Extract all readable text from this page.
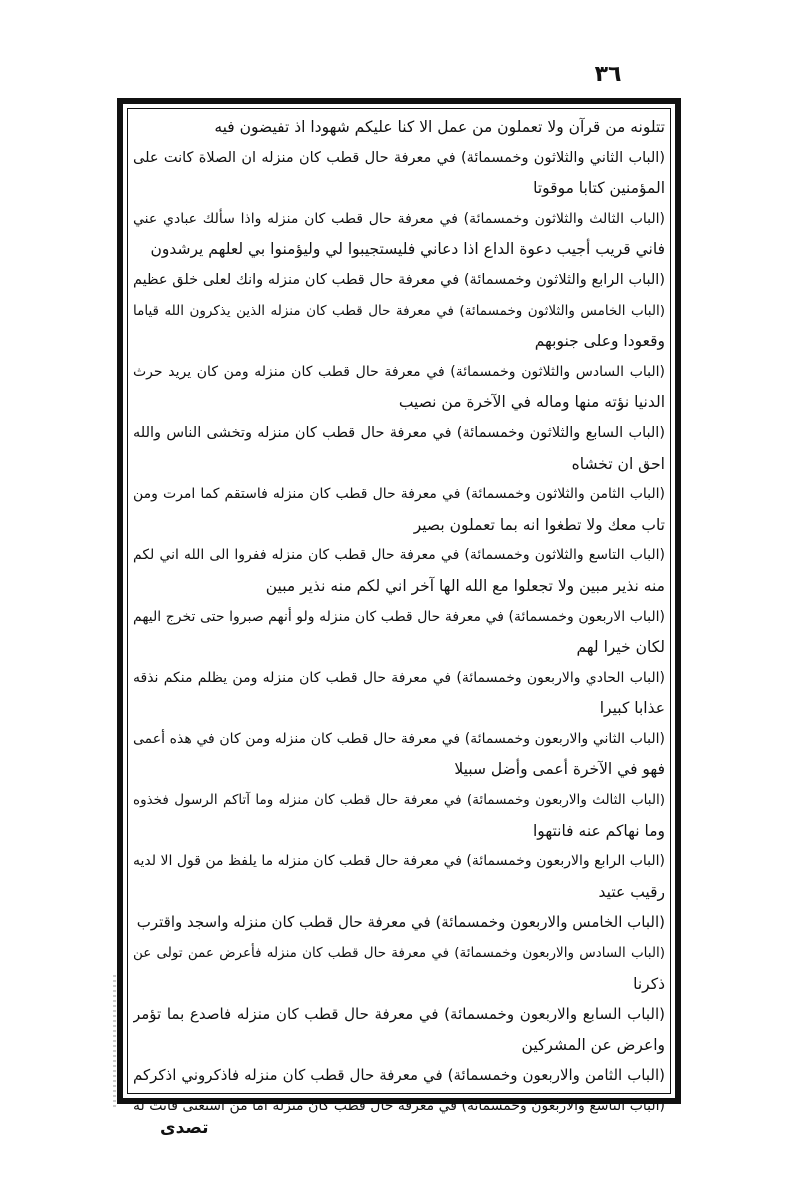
٣٦
تتلونه من قرآن ولا تعملون من عمل الا كنا عليكم شهودا اذ تفيضون فيه
(الباب الثاني والثلاثون وخمسمائة) في معرفة حال قطب كان منزله ان الصلاة كانت على
المؤمنين كتابا موقوتا
(الباب الثالث والثلاثون وخمسمائة) في معرفة حال قطب كان منزله واذا سألك عبادي عني
فاني قريب أجيب دعوة الداع اذا دعاني فليستجيبوا لي وليؤمنوا بي لعلهم يرشدون
(الباب الرابع والثلاثون وخمسمائة) في معرفة حال قطب كان منزله وانك لعلى خلق عظيم
(الباب الخامس والثلاثون وخمسمائة) في معرفة حال قطب كان منزله الذين يذكرون الله قياما
وقعودا وعلى جنوبهم
(الباب السادس والثلاثون وخمسمائة) في معرفة حال قطب كان منزله ومن كان يريد حرث
الدنيا نؤته منها وماله في الآخرة من نصيب
(الباب السابع والثلاثون وخمسمائة) في معرفة حال قطب كان منزله وتخشى الناس والله
احق ان تخشاه
(الباب الثامن والثلاثون وخمسمائة) في معرفة حال قطب كان منزله فاستقم كما امرت ومن
تاب معك ولا تطغوا انه بما تعملون بصير
(الباب التاسع والثلاثون وخمسمائة) في معرفة حال قطب كان منزله ففروا الى الله اني لكم
منه نذير مبين ولا تجعلوا مع الله الها آخر اني لكم منه نذير مبين
(الباب الاربعون وخمسمائة) في معرفة حال قطب كان منزله ولو أنهم صبروا حتى تخرج اليهم
لكان خيرا لهم
(الباب الحادي والاربعون وخمسمائة) في معرفة حال قطب كان منزله ومن يظلم منكم نذقه
عذابا كبيرا
(الباب الثاني والاربعون وخمسمائة) في معرفة حال قطب كان منزله ومن كان في هذه أعمى
فهو في الآخرة أعمى وأضل سبيلا
(الباب الثالث والاربعون وخمسمائة) في معرفة حال قطب كان منزله وما آتاكم الرسول فخذوه
وما نهاكم عنه فانتهوا
(الباب الرابع والاربعون وخمسمائة) في معرفة حال قطب كان منزله ما يلفظ من قول الا لديه
رقيب عتيد
(الباب الخامس والاربعون وخمسمائة) في معرفة حال قطب كان منزله واسجد واقترب
(الباب السادس والاربعون وخمسمائة) في معرفة حال قطب كان منزله فأعرض عمن تولى عن
ذكرنا
(الباب السابع والاربعون وخمسمائة) في معرفة حال قطب كان منزله فاصدع بما تؤمر
واعرض عن المشركين
(الباب الثامن والاربعون وخمسمائة) في معرفة حال قطب كان منزله فاذكروني اذكركم
(الباب التاسع والاربعون وخمسمائة) في معرفة حال قطب كان منزله اما من استغنى فانت له
تصدى
